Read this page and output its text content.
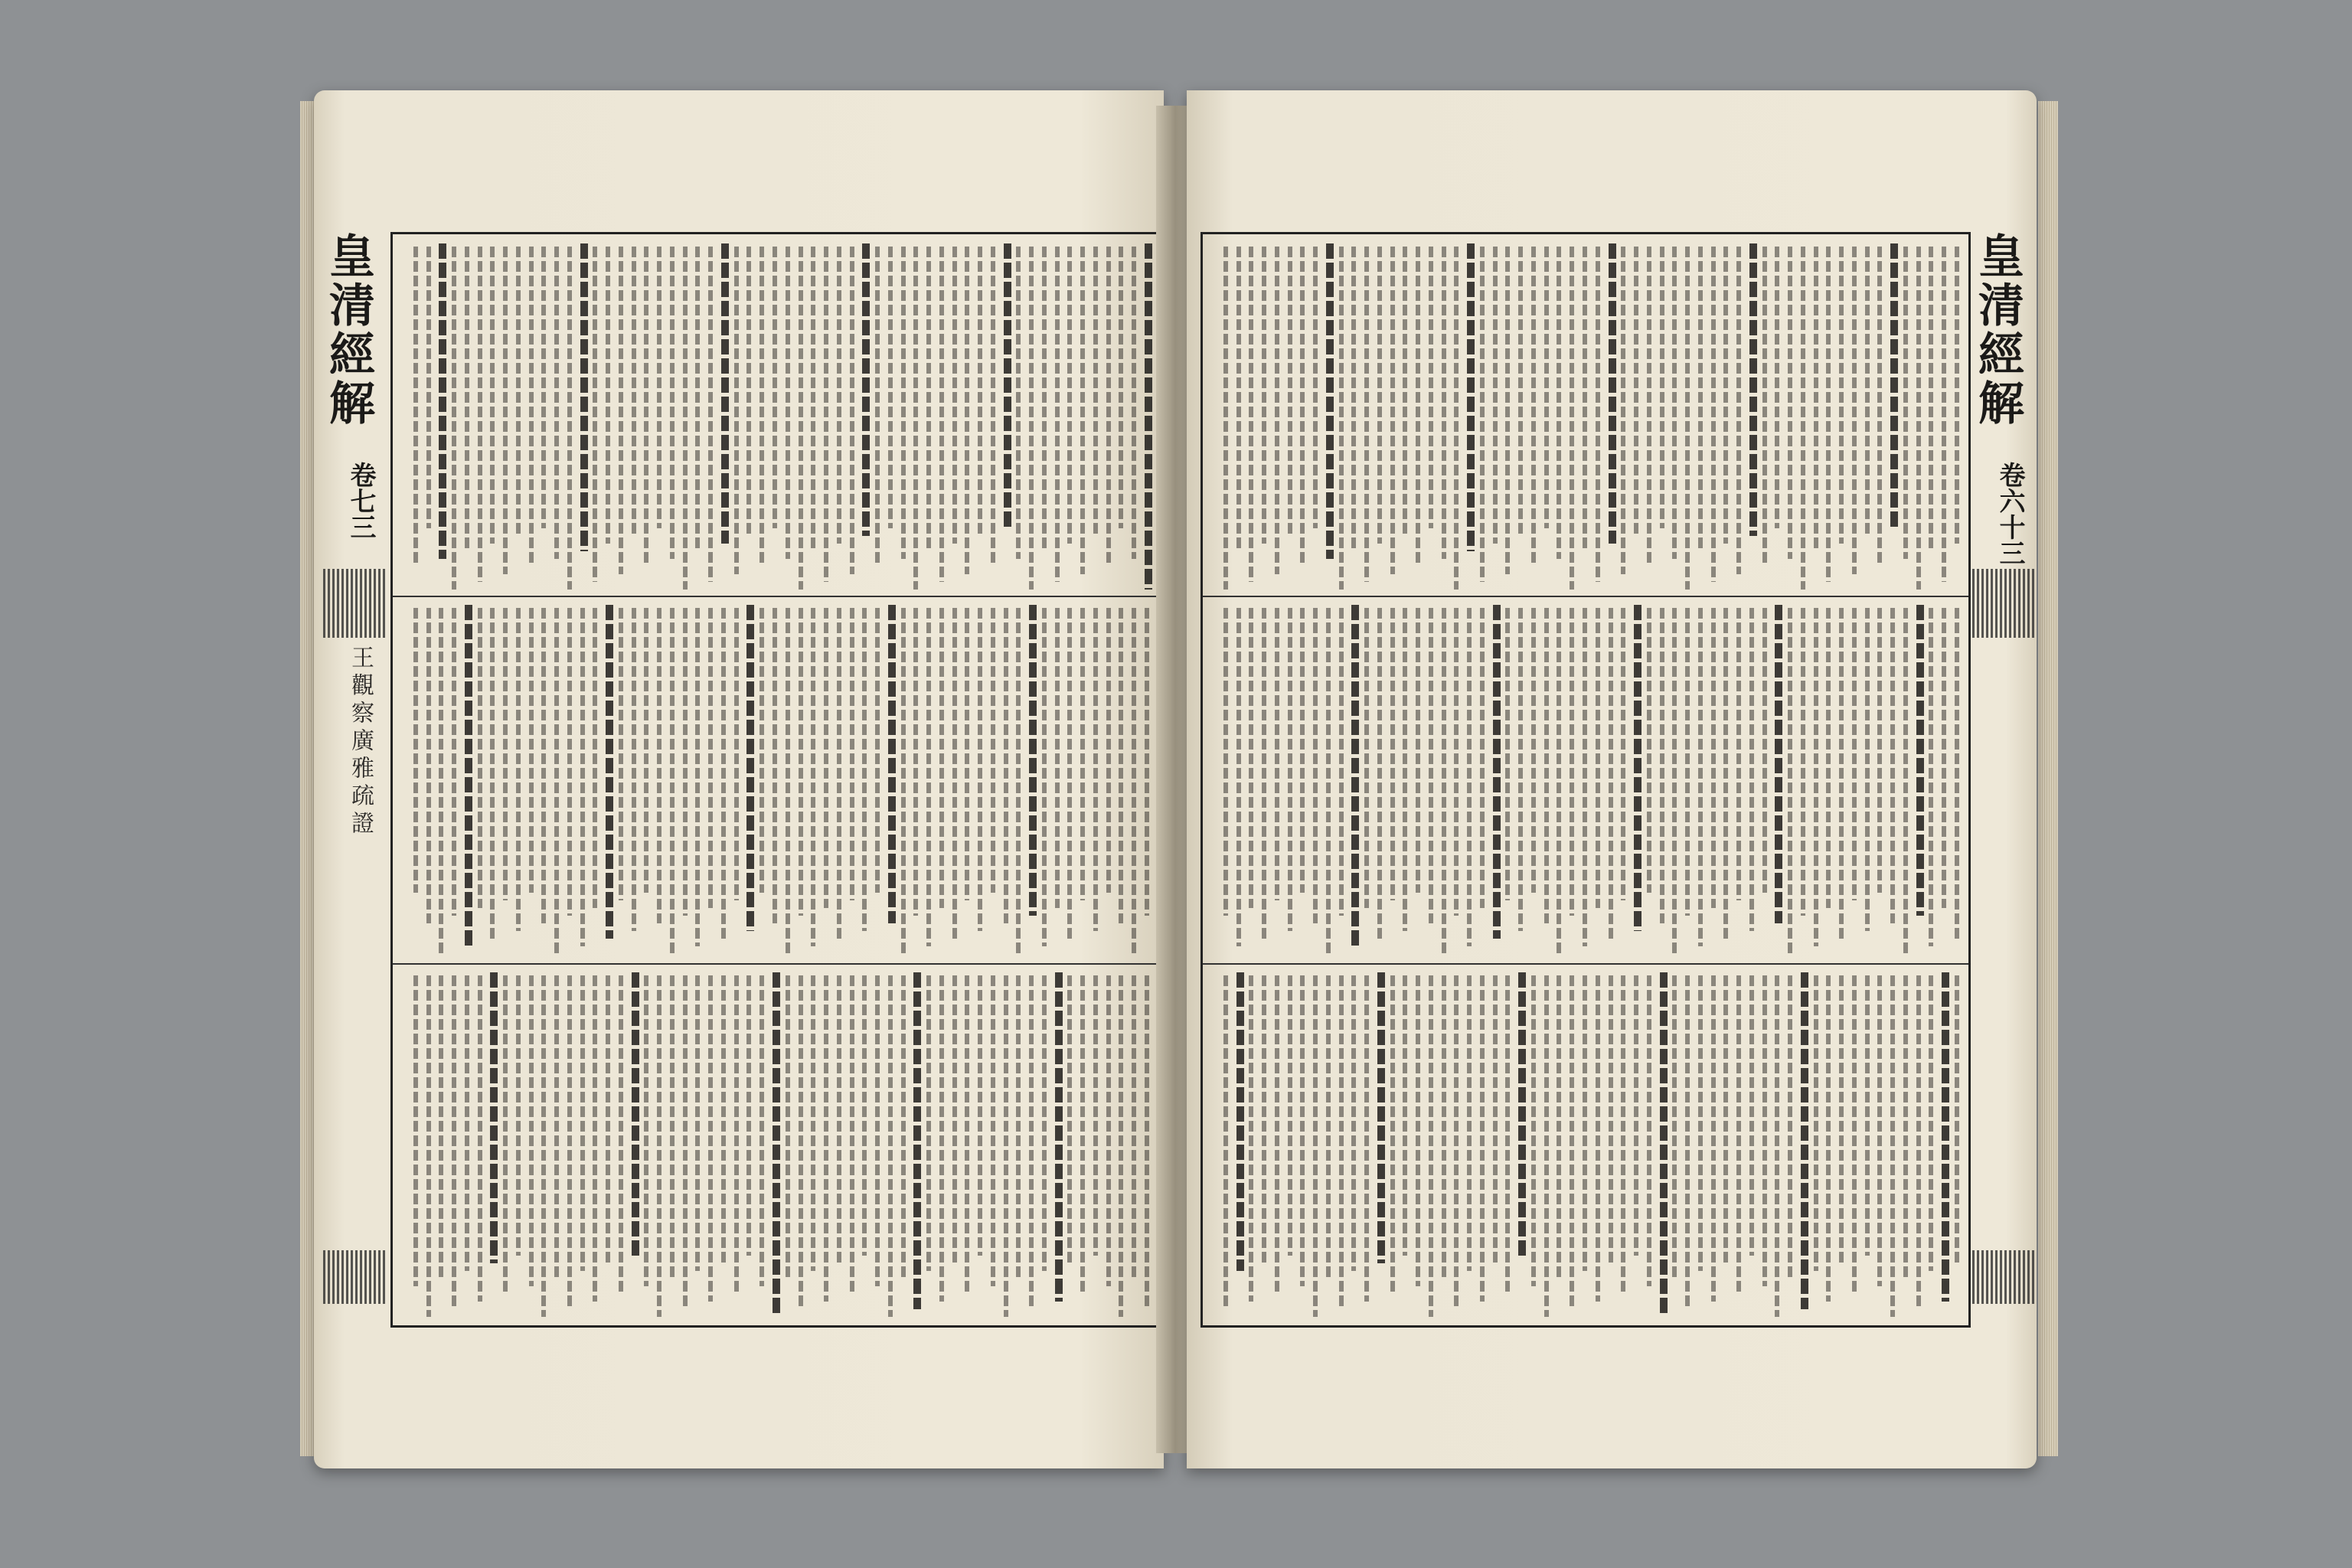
皇清經解
卷七三
王觀察廣雅疏證
皇清經解
卷六十三
